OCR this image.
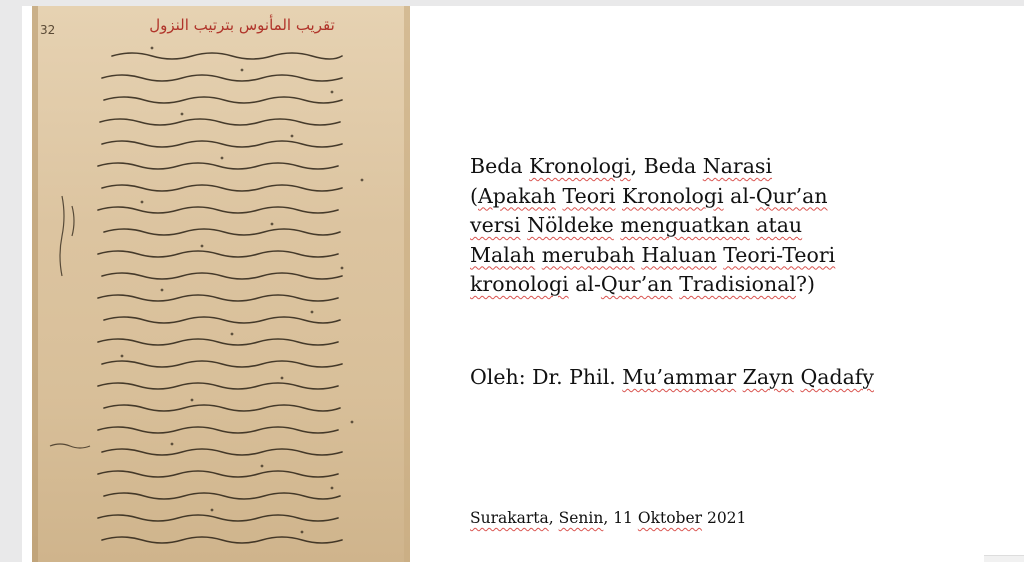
32	تقريب المأنوس بترتيب النزول
Beda Kronologi, Beda Narasi
(Apakah Teori Kronologi al-Qur’an
versi Nöldeke menguatkan atau
Malah merubah Haluan Teori-Teori
kronologi al-Qur’an Tradisional?)
Oleh: Dr. Phil. Mu’ammar Zayn Qadafy
Surakarta, Senin, 11 Oktober 2021
